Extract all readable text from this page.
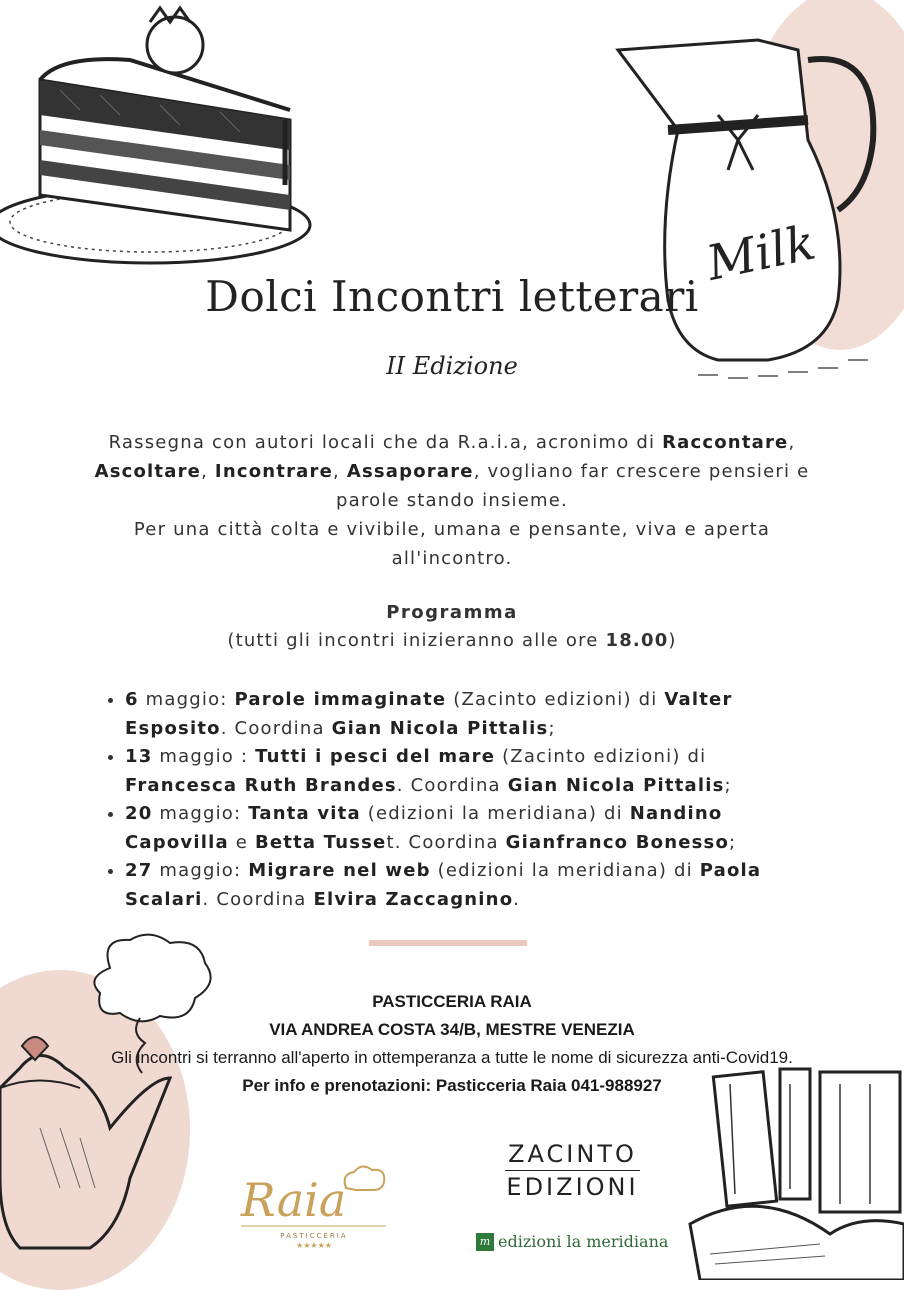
Milk
Dolci Incontri letterari
II Edizione
Rassegna con autori locali che da R.a.i.a, acronimo di Raccontare, Ascoltare, Incontrare, Assaporare, vogliano far crescere pensieri e parole stando insieme.
Per una città colta e vivibile, umana e pensante, viva e aperta all'incontro.
Programma
(tutti gli incontri inizieranno alle ore 18.00)
• 6 maggio: Parole immaginate (Zacinto edizioni) di Valter Esposito. Coordina Gian Nicola Pittalis;
• 13 maggio : Tutti i pesci del mare (Zacinto edizioni) di Francesca Ruth Brandes. Coordina Gian Nicola Pittalis;
• 20 maggio: Tanta vita (edizioni la meridiana) di Nandino Capovilla e Betta Tusset. Coordina Gianfranco Bonesso;
• 27 maggio: Migrare nel web (edizioni la meridiana) di Paola Scalari. Coordina Elvira Zaccagnino.
PASTICCERIA RAIA
VIA ANDREA COSTA 34/B, MESTRE VENEZIA
Gli incontri si terranno all'aperto in ottemperanza a tutte le nome di sicurezza anti-Covid19.
Per info e prenotazioni: Pasticceria Raia 041-988927
ZACINTO
EDIZIONI
Raia
PASTICCERIA
★★★★★	m edizioni la meridiana
